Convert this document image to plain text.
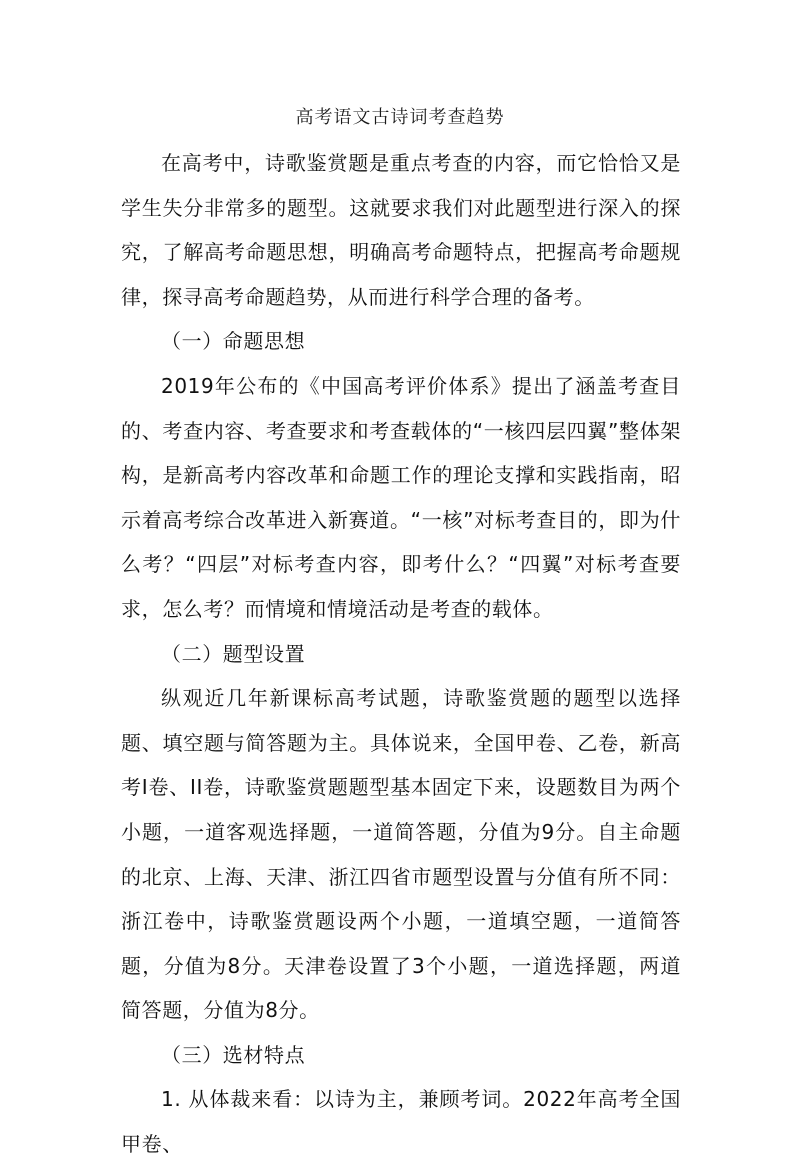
高考语文古诗词考查趋势

在高考中，诗歌鉴赏题是重点考查的内容，而它恰恰又是学生失分非常多的题型。这就要求我们对此题型进行深入的探究，了解高考命题思想，明确高考命题特点，把握高考命题规律，探寻高考命题趋势，从而进行科学合理的备考。

（一）命题思想

2019年公布的《中国高考评价体系》提出了涵盖考查目的、考查内容、考查要求和考查载体的“一核四层四翼”整体架构，是新高考内容改革和命题工作的理论支撑和实践指南，昭示着高考综合改革进入新赛道。“一核”对标考查目的，即为什么考？“四层”对标考查内容，即考什么？“四翼”对标考查要求，怎么考？而情境和情境活动是考查的载体。

（二）题型设置

纵观近几年新课标高考试题，诗歌鉴赏题的题型以选择题、填空题与简答题为主。具体说来，全国甲卷、乙卷，新高考I卷、II卷，诗歌鉴赏题题型基本固定下来，设题数目为两个小题，一道客观选择题，一道简答题，分值为9分。自主命题的北京、上海、天津、浙江四省市题型设置与分值有所不同：浙江卷中，诗歌鉴赏题设两个小题，一道填空题，一道简答题，分值为8分。天津卷设置了3个小题，一道选择题，两道简答题，分值为8分。

（三）选材特点

1. 从体裁来看：以诗为主，兼顾考词。2022年高考全国甲卷、
